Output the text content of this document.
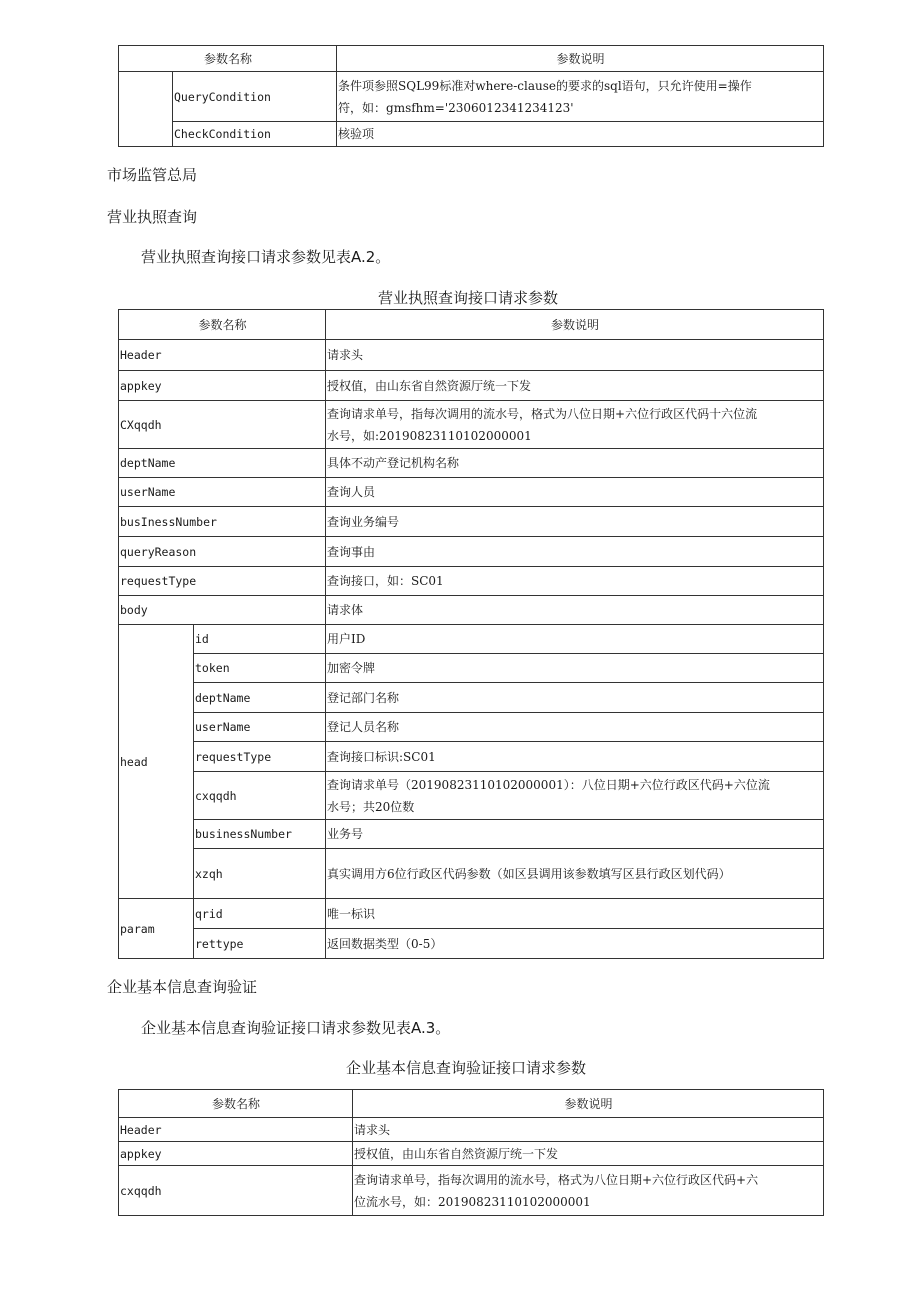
参数名称		参数说明
	QueryCondition	条件项参照SQL99标准对where-clause的要求的sql语句，只允许使用=操作
符，如：gmsfhm='2306012341234123'

	CheckCondition	核验项
市场监管总局
营业执照查询
营业执照查询接口请求参数见表A.2。
营业执照查询接口请求参数
参数名称		参数说明
Header		请求头
appkey		授权值，由山东省自然资源厅统一下发
CXqqdh		查询请求单号，指每次调用的流水号，格式为八位日期+六位行政区代码十六位流
水号，如:20190823110102000001

deptName		具体不动产登记机构名称
userName		查询人员
busInessNumber		查询业务编号
queryReason		查询事由
requestType		查询接口，如：SC01
body		请求体
head	id	用户ID
	token	加密令牌
	deptName	登记部门名称
	userName	登记人员名称
	requestType	查询接口标识:SC01
	cxqqdh	查询请求单号（20190823110102000001）：八位日期+六位行政区代码+六位流
水号；共20位数

	businessNumber	业务号
	xzqh	真实调用方6位行政区代码参数（如区县调用该参数填写区县行政区划代码）
param	qrid	唯一标识
	rettype	返回数据类型（0-5）
企业基本信息查询验证
企业基本信息查询验证接口请求参数见表A.3。
企业基本信息查询验证接口请求参数
参数名称	参数说明
Header	请求头
appkey	授权值，由山东省自然资源厅统一下发
cxqqdh	查询请求单号，指每次调用的流水号，格式为八位日期+六位行政区代码+六
位流水号，如：20190823110102000001
